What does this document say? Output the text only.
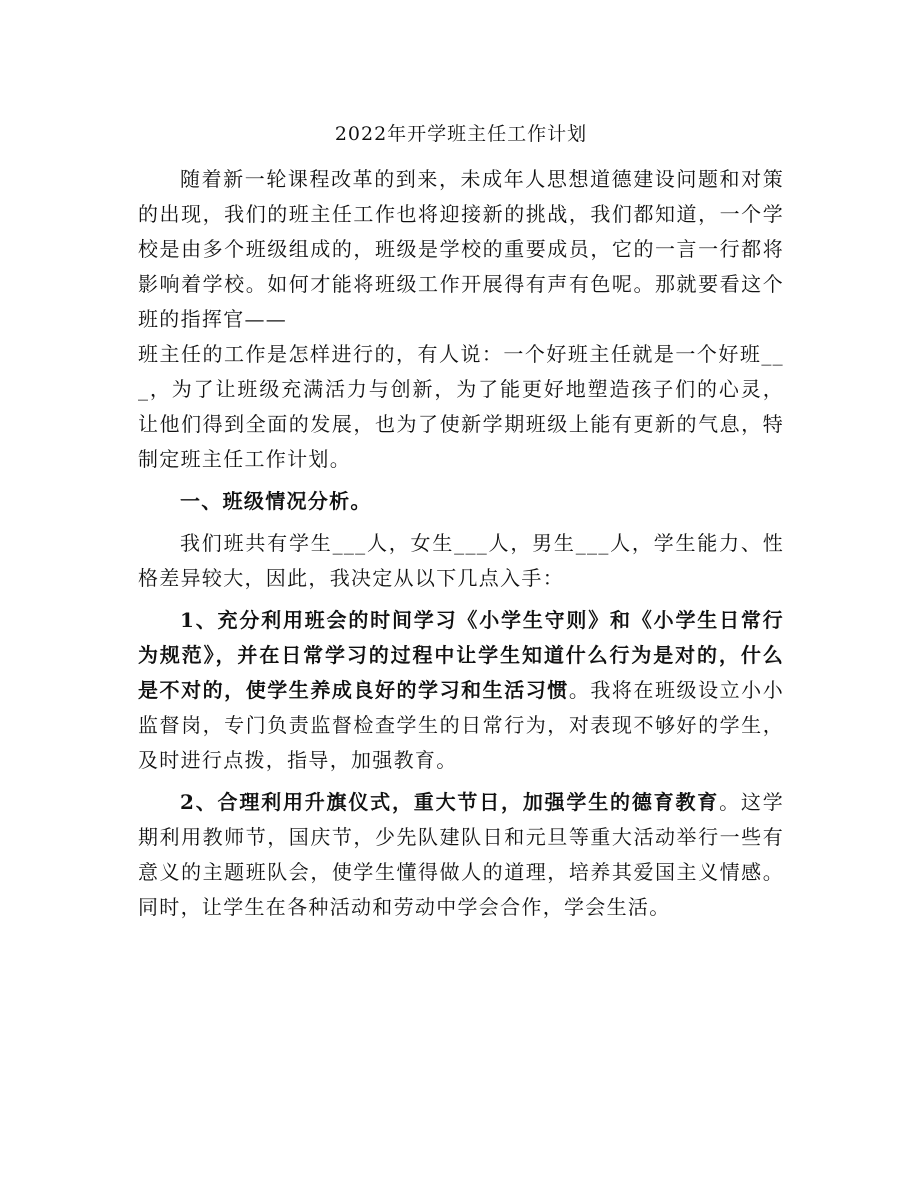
2022年开学班主任工作计划

随着新一轮课程改革的到来，未成年人思想道德建设问题和对策的出现，我们的班主任工作也将迎接新的挑战，我们都知道，一个学校是由多个班级组成的，班级是学校的重要成员，它的一言一行都将影响着学校。如何才能将班级工作开展得有声有色呢。那就要看这个班的指挥官——

班主任的工作是怎样进行的，有人说：一个好班主任就是一个好班___，为了让班级充满活力与创新，为了能更好地塑造孩子们的心灵，让他们得到全面的发展，也为了使新学期班级上能有更新的气息，特制定班主任工作计划。

一、班级情况分析。

我们班共有学生___人，女生___人，男生___人，学生能力、性格差异较大，因此，我决定从以下几点入手：

1、充分利用班会的时间学习《小学生守则》和《小学生日常行为规范》，并在日常学习的过程中让学生知道什么行为是对的，什么是不对的，使学生养成良好的学习和生活习惯。我将在班级设立小小监督岗，专门负责监督检查学生的日常行为，对表现不够好的学生，及时进行点拨，指导，加强教育。

2、合理利用升旗仪式，重大节日，加强学生的德育教育。这学期利用教师节，国庆节，少先队建队日和元旦等重大活动举行一些有意义的主题班队会，使学生懂得做人的道理，培养其爱国主义情感。同时，让学生在各种活动和劳动中学会合作，学会生活。
